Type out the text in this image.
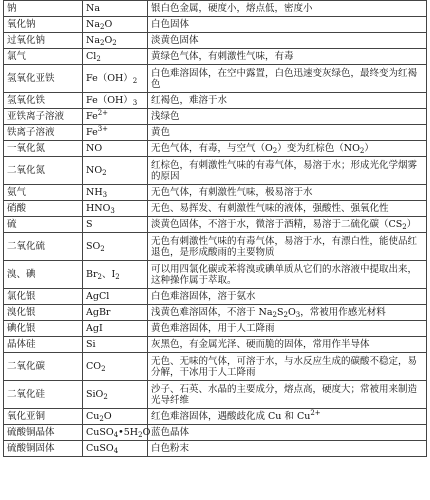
钠	Na	银白色金属，硬度小，熔点低，密度小
氧化钠	$Na_2O$	白色固体
过氧化钠	$Na_2O_2$	淡黄色固体
氯气	$Cl_2$	黄绿色气体，有刺激性气味，有毒
氢氧化亚铁	$Fe(OH)_2$	白色难溶固体，在空中露置，白色迅速变灰绿色，最终变为红褐色
氢氧化铁	$Fe(OH)_3$	红褐色，难溶于水
亚铁离子溶液	$Fe^{2+}$	浅绿色
铁离子溶液	$Fe^{3+}$	黄色
一氧化氮	NO	无色气体，有毒，与空气$(O_2)$变为红棕色$(NO_2)$
二氧化氮	$NO_2$	红棕色，有刺激性气味的有毒气体，易溶于水；形成光化学烟雾的原因
氨气	$NH_3$	无色气体，有刺激性气味，极易溶于水
硝酸	$HNO_3$	无色、易挥发、有刺激性气味的液体，强酸性、强氧化性
硫	S	淡黄色固体，不溶于水，微溶于酒精，易溶于二硫化碳$(CS_2)$
二氧化硫	$SO_2$	无色有刺激性气味的有毒气体，易溶于水，有漂白性，能使品红退色，是形成酸雨的主要物质
溴、碘	$Br_2$、$I_2$	可以用四氯化碳或苯将溴或碘单质从它们的水溶液中提取出来，这种操作属于萃取。
氯化银	AgCl	白色难溶固体，溶于氨水
溴化银	AgBr	浅黄色难溶固体，不溶于 $Na_2S_2O_3$，常被用作感光材料
碘化银	AgI	黄色难溶固体，用于人工降雨
晶体硅	Si	灰黑色，有金属光泽、硬而脆的固体，常用作半导体
二氧化碳	$CO_2$	无色、无味的气体，可溶于水，与水反应生成的碳酸不稳定，易分解，干冰用于人工降雨
二氧化硅	SiO$_2$	沙子、石英、水晶的主要成分，熔点高，硬度大；常被用来制造光导纤维
氧化亚铜	$Cu_2O$	红色难溶固体，遇酸歧化成 Cu 和 $Cu^{2+}$
硫酸铜晶体	$CuSO_4•5H_2O$	蓝色晶体
硫酸铜固体	CuSO$_4$	白色粉末
